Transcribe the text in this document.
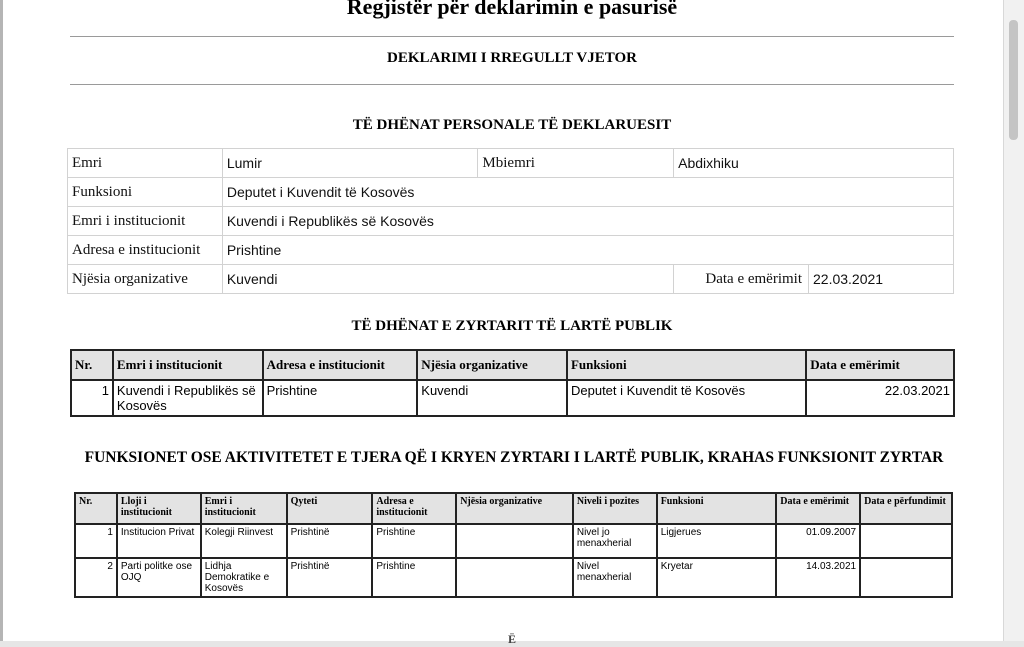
Regjistër për deklarimin e pasurisë
DEKLARIMI I RREGULLT VJETOR
TË DHËNAT PERSONALE TË DEKLARUESIT
Emri	Lumir	Mbiemri	Abdixhiku
Funksioni	Deputet i Kuvendit të Kosovës		
Emri i institucionit	Kuvendi i Republikës së Kosovës		
Adresa e institucionit	Prishtine		
Njësia organizative	Kuvendi		Data e emërimit 22.03.2021
TË DHËNAT E ZYRTARIT TË LARTË PUBLIK
Nr.	Emri i institucionit	Adresa e institucionit	Njësia organizative	Funksioni	Data e emërimit
1	Kuvendi i Republikës së Kosovës	Prishtine	Kuvendi	Deputet i Kuvendit të Kosovës	22.03.2021
FUNKSIONET OSE AKTIVITETET E TJERA QË I KRYEN ZYRTARI I LARTË PUBLIK, KRAHAS FUNKSIONIT ZYRTAR
Nr.	Lloji i institucionit	Emri i institucionit	Qyteti	Adresa e institucionit	Njësia organizative	Niveli i pozites	Funksioni	Data e emërimit	Data e përfundimit
1	Institucion Privat	Kolegji Riinvest	Prishtinë	Prishtine		Nivel jo menaxherial	Ligjerues	01.09.2007	
2	Parti politke ose OJQ	Lidhja Demokratike e Kosovës	Prishtinë	Prishtine		Nivel menaxherial	Kryetar	14.03.2021	
Ë
